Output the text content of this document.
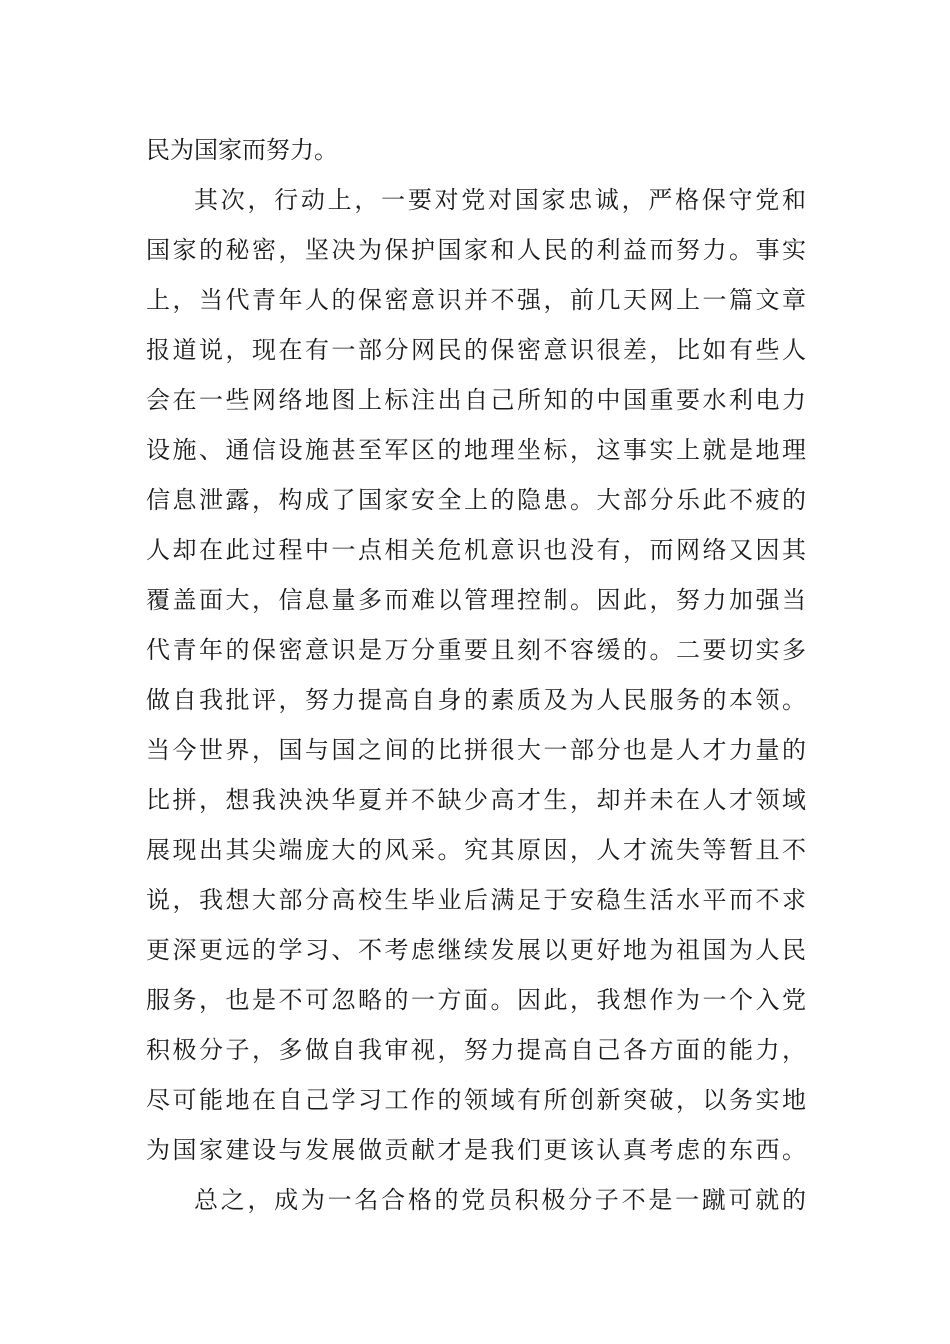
民为国家而努力。
其次，行动上，一要对党对国家忠诚，严格保守党和
国家的秘密，坚决为保护国家和人民的利益而努力。事实
上，当代青年人的保密意识并不强，前几天网上一篇文章
报道说，现在有一部分网民的保密意识很差，比如有些人
会在一些网络地图上标注出自己所知的中国重要水利电力
设施、通信设施甚至军区的地理坐标，这事实上就是地理
信息泄露，构成了国家安全上的隐患。大部分乐此不疲的
人却在此过程中一点相关危机意识也没有，而网络又因其
覆盖面大，信息量多而难以管理控制。因此，努力加强当
代青年的保密意识是万分重要且刻不容缓的。二要切实多
做自我批评，努力提高自身的素质及为人民服务的本领。
当今世界，国与国之间的比拼很大一部分也是人才力量的
比拼，想我泱泱华夏并不缺少高才生，却并未在人才领域
展现出其尖端庞大的风采。究其原因，人才流失等暂且不
说，我想大部分高校生毕业后满足于安稳生活水平而不求
更深更远的学习、不考虑继续发展以更好地为祖国为人民
服务，也是不可忽略的一方面。因此，我想作为一个入党
积极分子，多做自我审视，努力提高自己各方面的能力，
尽可能地在自己学习工作的领域有所创新突破，以务实地
为国家建设与发展做贡献才是我们更该认真考虑的东西。
总之，成为一名合格的党员积极分子不是一蹴可就的
